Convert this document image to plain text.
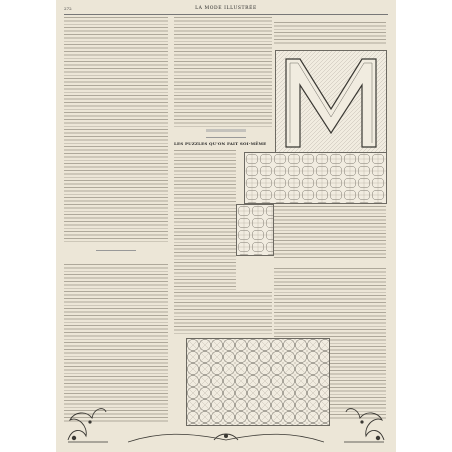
272	LA MODE ILLUSTRÉE
LES PUZZLES QU'ON FAIT SOI-MÊME
